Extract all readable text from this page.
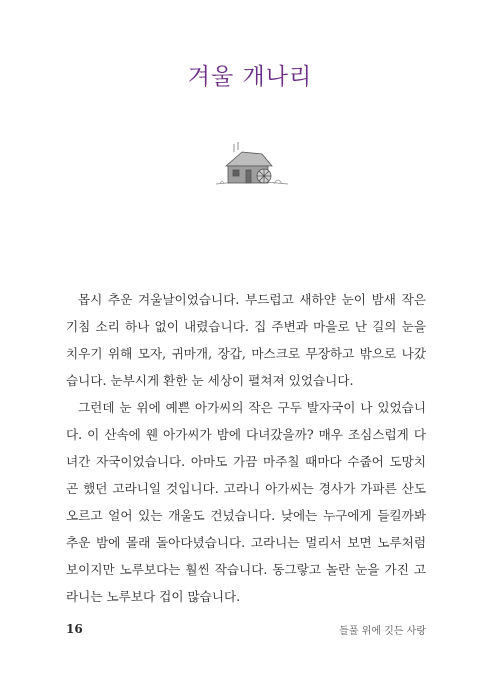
겨울 개나리

몹시 추운 겨울날이었습니다. 부드럽고 새하얀 눈이 밤새 작은 기침 소리 하나 없이 내렸습니다. 집 주변과 마을로 난 길의 눈을 치우기 위해 모자, 귀마개, 장갑, 마스크로 무장하고 밖으로 나갔습니다. 눈부시게 환한 눈 세상이 펼쳐져 있었습니다.

그런데 눈 위에 예쁜 아가씨의 작은 구두 발자국이 나 있었습니다. 이 산속에 웬 아가씨가 밤에 다녀갔을까? 매우 조심스럽게 다녀간 자국이었습니다. 아마도 가끔 마주칠 때마다 수줍어 도망치곤 했던 고라니일 것입니다. 고라니 아가씨는 경사가 가파른 산도 오르고 얼어 있는 개울도 건넜습니다. 낮에는 누구에게 들킬까봐 추운 밤에 몰래 돌아다녔습니다. 고라니는 멀리서 보면 노루처럼 보이지만 노루보다는 훨씬 작습니다. 동그랗고 놀란 눈을 가진 고라니는 노루보다 겁이 많습니다.

16	들풀 위에 깃든 사랑
